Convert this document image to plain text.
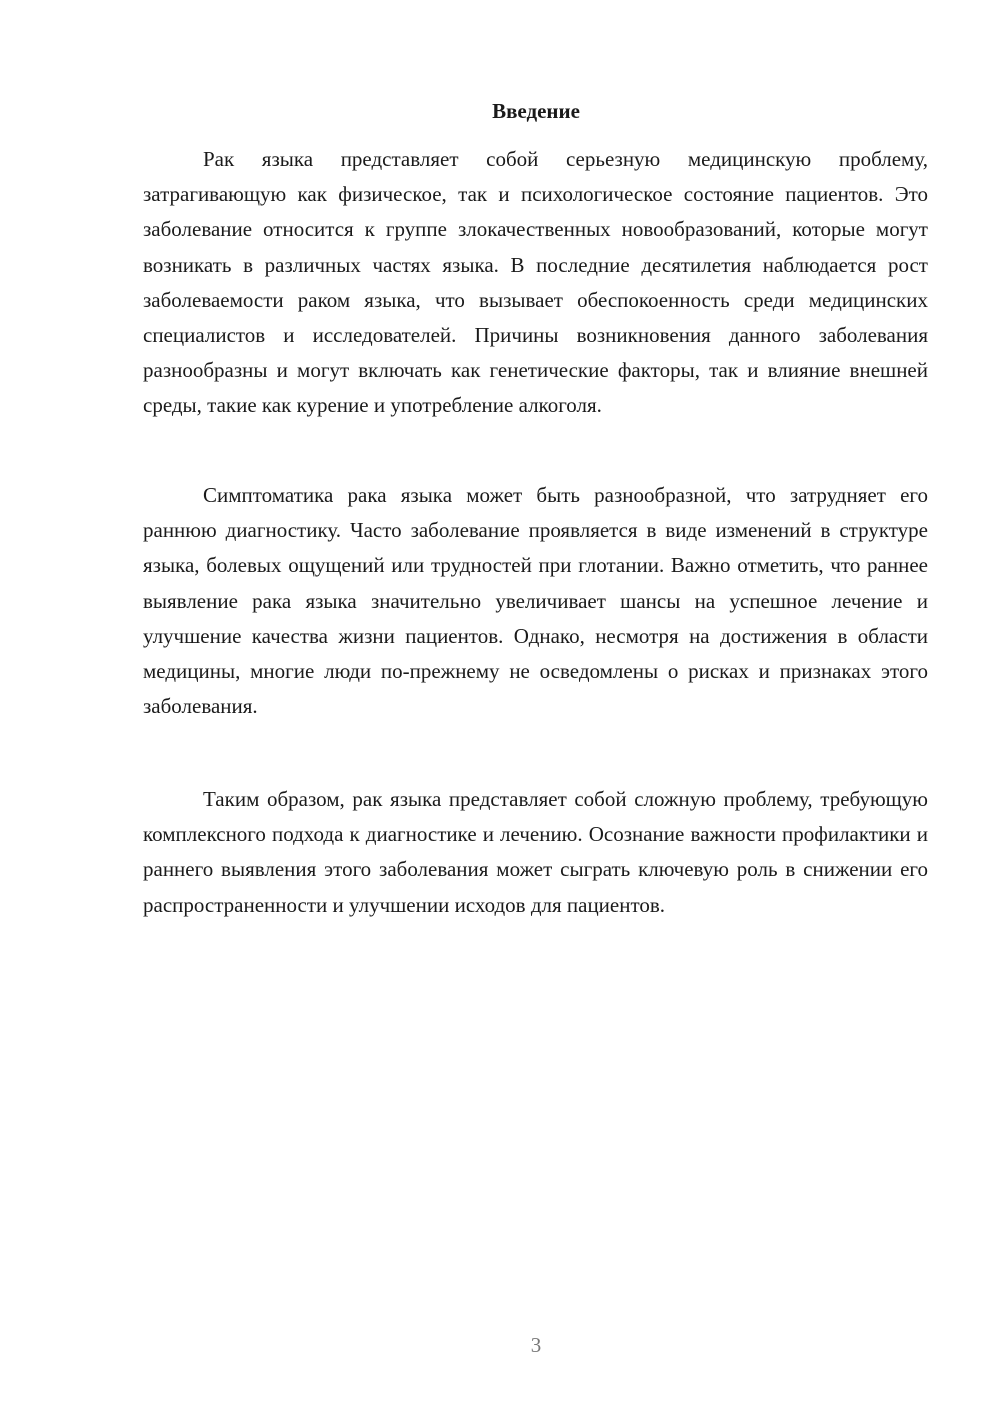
Введение

Рак языка представляет собой серьезную медицинскую проблему, затрагивающую как физическое, так и психологическое состояние пациентов. Это заболевание относится к группе злокачественных новообразований, которые могут возникать в различных частях языка. В последние десятилетия наблюдается рост заболеваемости раком языка, что вызывает обеспокоенность среди медицинских специалистов и исследователей. Причины возникновения данного заболевания разнообразны и могут включать как генетические факторы, так и влияние внешней среды, такие как курение и употребление алкоголя.

Симптоматика рака языка может быть разнообразной, что затрудняет его раннюю диагностику. Часто заболевание проявляется в виде изменений в структуре языка, болевых ощущений или трудностей при глотании. Важно отметить, что раннее выявление рака языка значительно увеличивает шансы на успешное лечение и улучшение качества жизни пациентов. Однако, несмотря на достижения в области медицины, многие люди по-прежнему не осведомлены о рисках и признаках этого заболевания.

Таким образом, рак языка представляет собой сложную проблему, требующую комплексного подхода к диагностике и лечению. Осознание важности профилактики и раннего выявления этого заболевания может сыграть ключевую роль в снижении его распространенности и улучшении исходов для пациентов.

3
